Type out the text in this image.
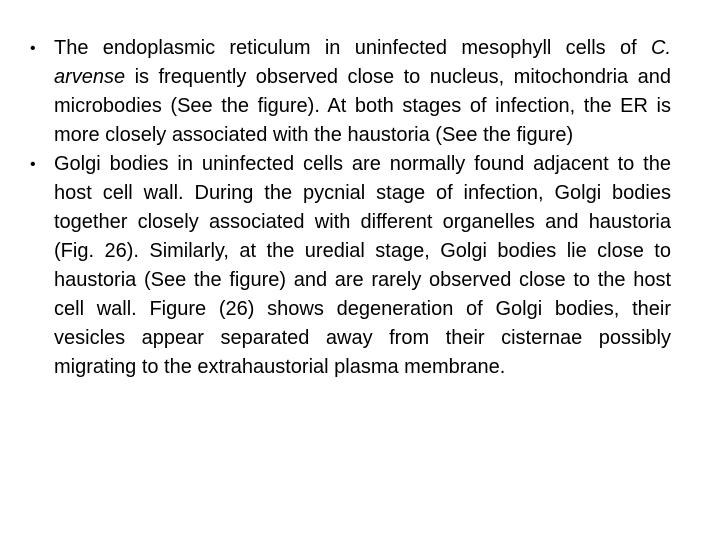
• The endoplasmic reticulum in uninfected mesophyll cells of C. arvense is frequently observed close to nucleus, mitochondria and microbodies (See the figure). At both stages of infection, the ER is more closely associated with the haustoria (See the figure)
• Golgi bodies in uninfected cells are normally found adjacent to the host cell wall. During the pycnial stage of infection, Golgi bodies together closely associated with different organelles and haustoria (Fig. 26). Similarly, at the uredial stage, Golgi bodies lie close to haustoria (See the figure) and are rarely observed close to the host cell wall. Figure (26) shows degeneration of Golgi bodies, their vesicles appear separated away from their cisternae possibly migrating to the extrahaustorial plasma membrane.
